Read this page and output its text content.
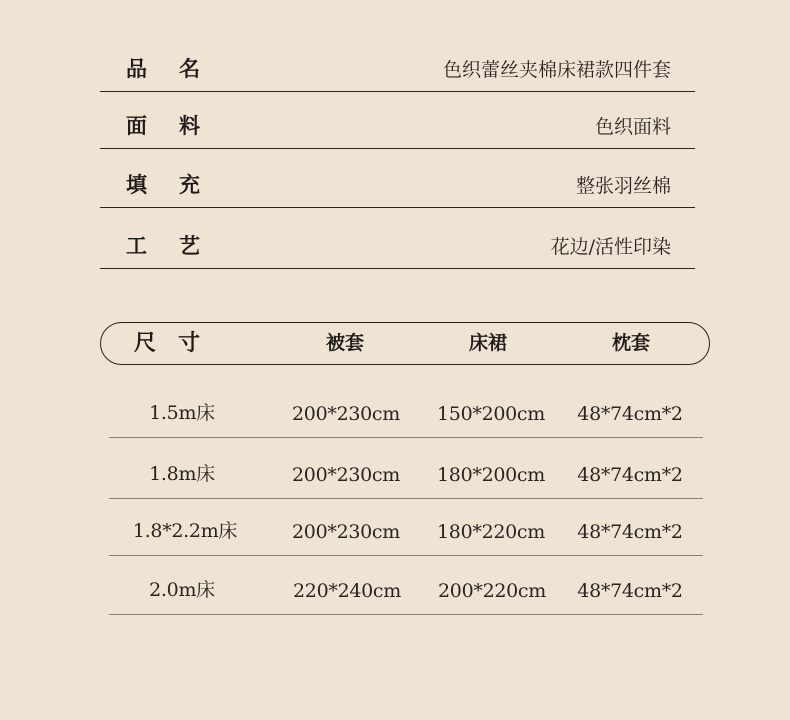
品 名	色织蕾丝夹棉床裙款四件套
面 料	色织面料
填 充	整张羽丝棉
工 艺	花边/活性印染
尺 寸	被套	床裙	枕套
1.5m床	200*230cm 150*200cm 48*74cm*2
1.8m床	200*230cm 180*200cm 48*74cm*2
1.8*2.2m床	200*230cm 180*220cm 48*74cm*2
2.0m床	220*240cm 200*220cm 48*74cm*2
